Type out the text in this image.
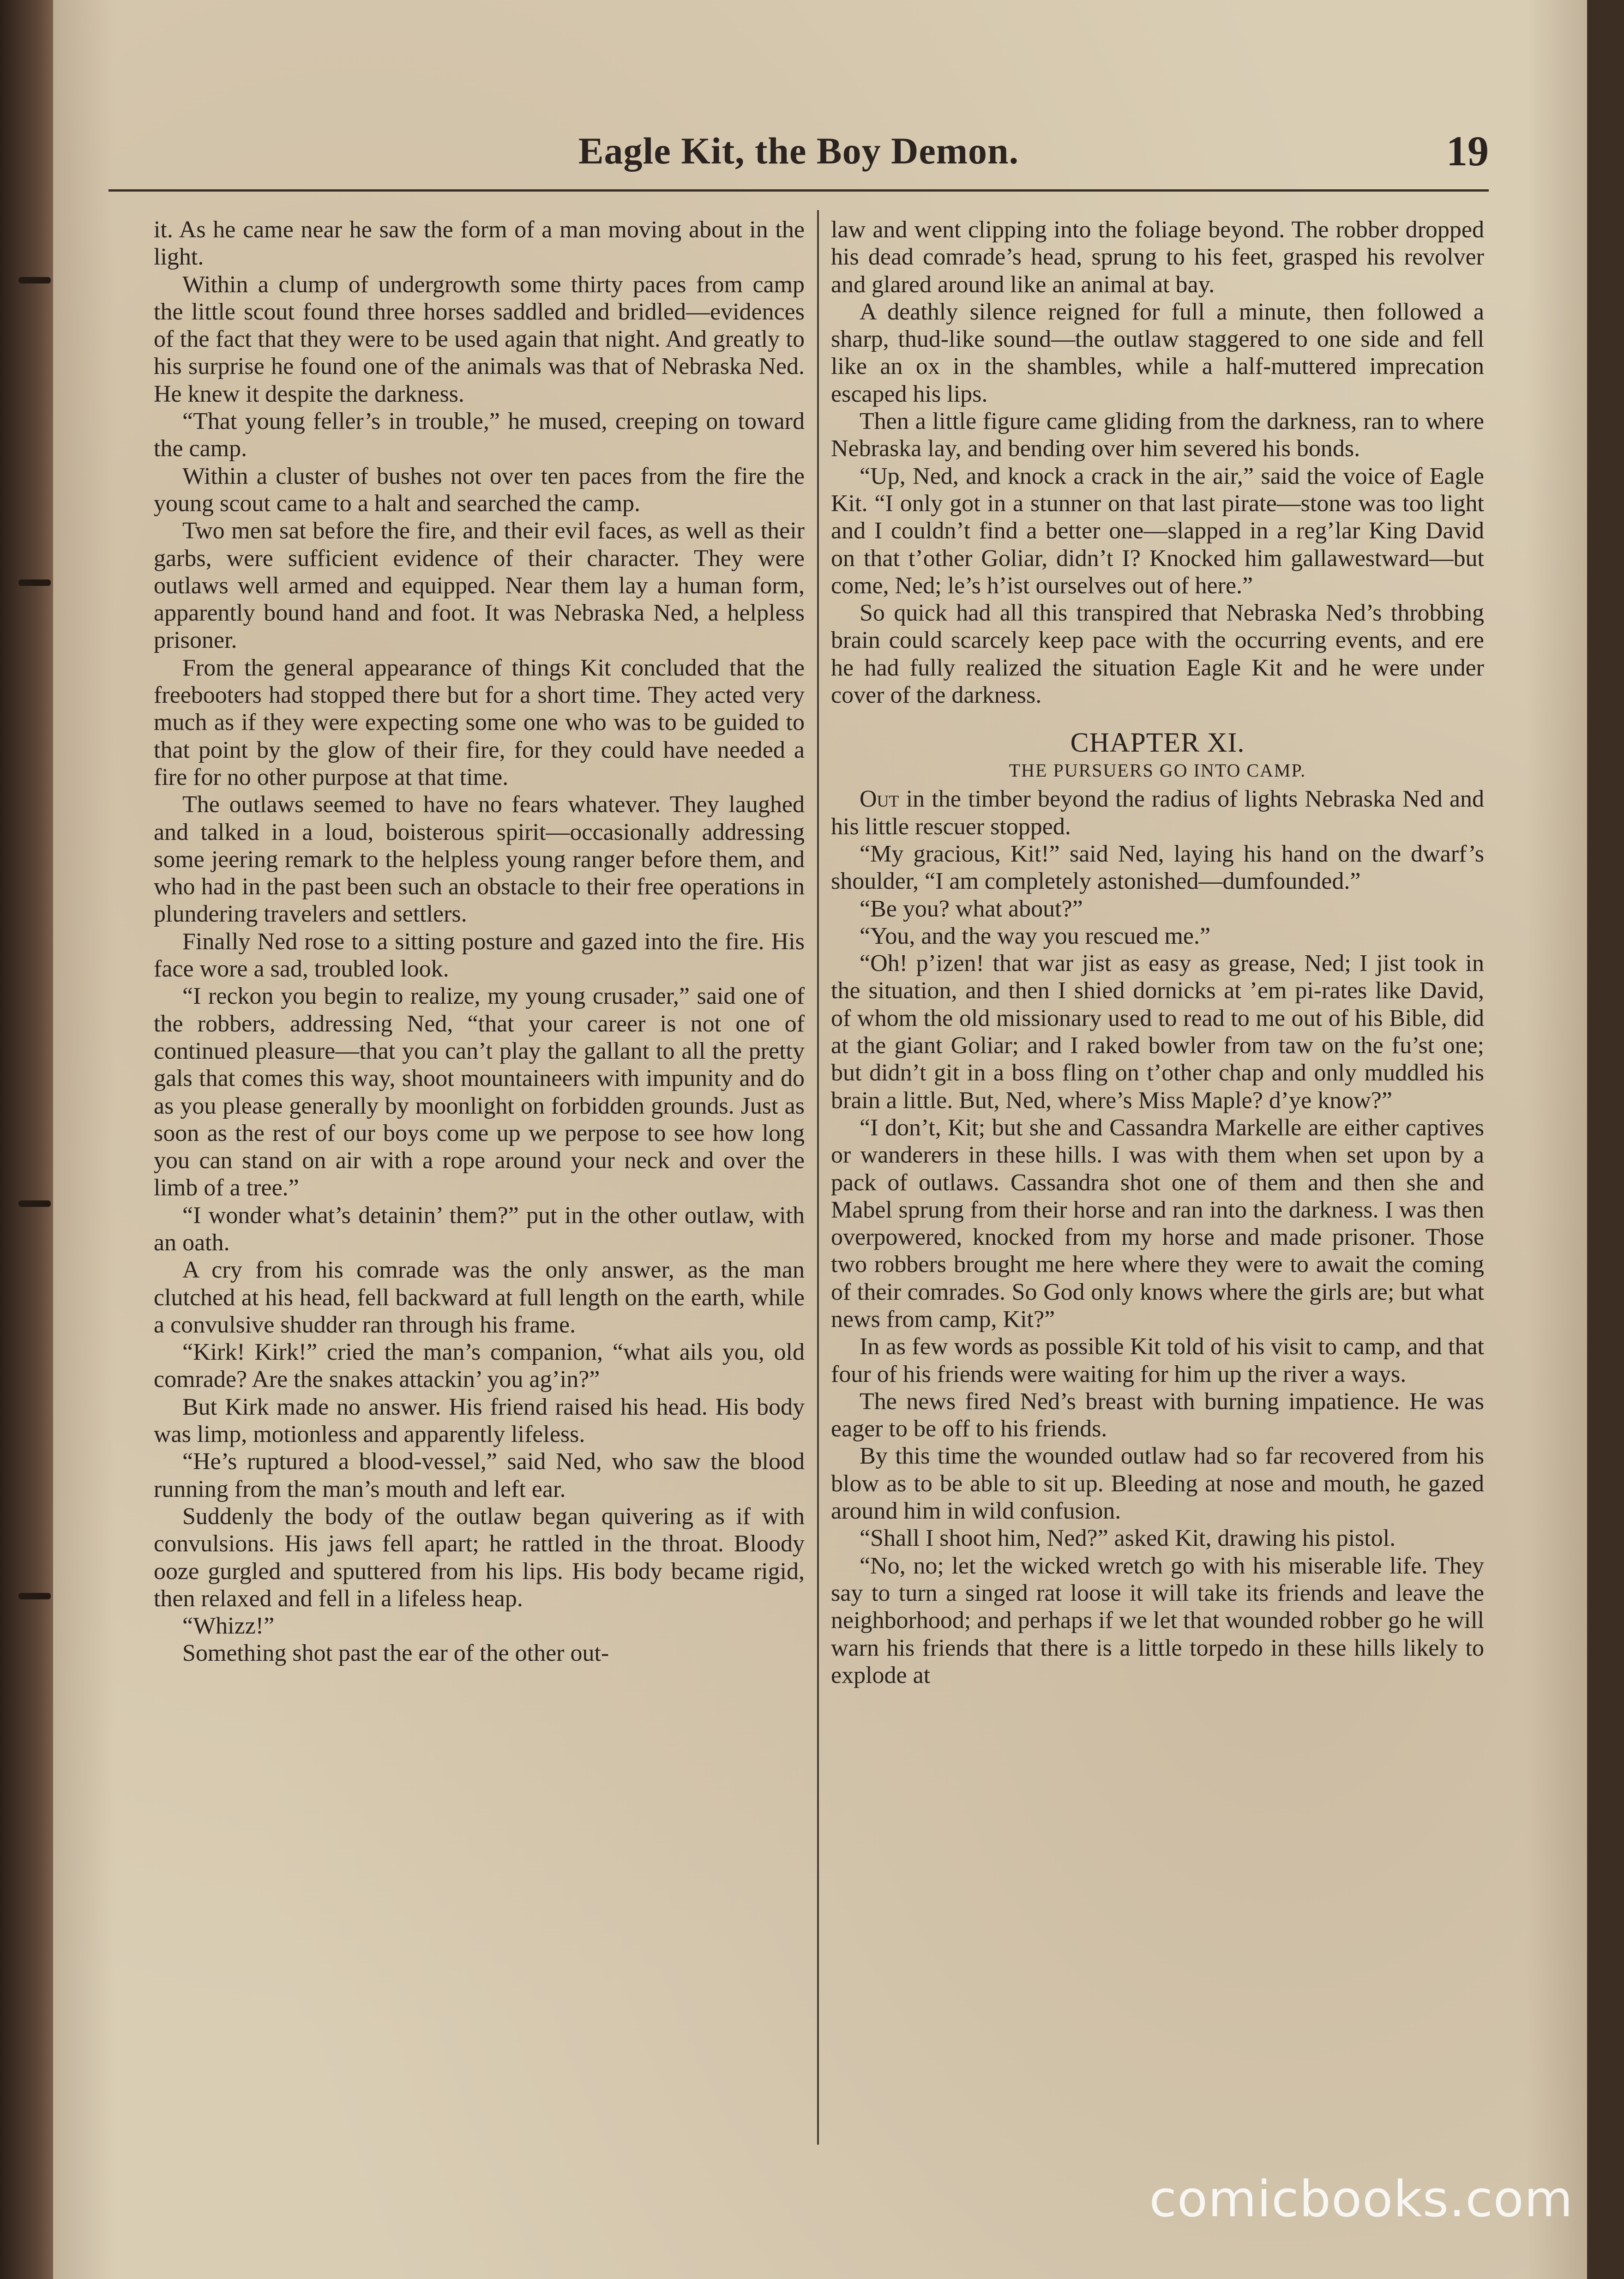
Eagle Kit, the Boy Demon.	19

it. As he came near he saw the form of a man moving about in the light.

Within a clump of undergrowth some thirty paces from camp the little scout found three horses saddled and bridled—evidences of the fact that they were to be used again that night. And greatly to his surprise he found one of the animals was that of Nebraska Ned. He knew it despite the darkness.

“That young feller’s in trouble,” he mused, creeping on toward the camp.

Within a cluster of bushes not over ten paces from the fire the young scout came to a halt and searched the camp.

Two men sat before the fire, and their evil faces, as well as their garbs, were sufficient evidence of their character. They were outlaws well armed and equipped. Near them lay a human form, apparently bound hand and foot. It was Nebraska Ned, a helpless prisoner.

From the general appearance of things Kit concluded that the freebooters had stopped there but for a short time. They acted very much as if they were expecting some one who was to be guided to that point by the glow of their fire, for they could have needed a fire for no other purpose at that time.

The outlaws seemed to have no fears whatever. They laughed and talked in a loud, boisterous spirit—occasionally addressing some jeering remark to the helpless young ranger before them, and who had in the past been such an obstacle to their free operations in plundering travelers and settlers.

Finally Ned rose to a sitting posture and gazed into the fire. His face wore a sad, troubled look.

“I reckon you begin to realize, my young crusader,” said one of the robbers, addressing Ned, “that your career is not one of continued pleasure—that you can’t play the gallant to all the pretty gals that comes this way, shoot mountaineers with impunity and do as you please generally by moonlight on forbidden grounds. Just as soon as the rest of our boys come up we perpose to see how long you can stand on air with a rope around your neck and over the limb of a tree.”

“I wonder what’s detainin’ them?” put in the other outlaw, with an oath.

A cry from his comrade was the only answer, as the man clutched at his head, fell backward at full length on the earth, while a convulsive shudder ran through his frame.

“Kirk! Kirk!” cried the man’s companion, “what ails you, old comrade? Are the snakes attackin’ you ag’in?”

But Kirk made no answer. His friend raised his head. His body was limp, motionless and apparently lifeless.

“He’s ruptured a blood-vessel,” said Ned, who saw the blood running from the man’s mouth and left ear.

Suddenly the body of the outlaw began quivering as if with convulsions. His jaws fell apart; he rattled in the throat. Bloody ooze gurgled and sputtered from his lips. His body became rigid, then relaxed and fell in a lifeless heap.

“Whizz!”

Something shot past the ear of the other out-

law and went clipping into the foliage beyond. The robber dropped his dead comrade’s head, sprung to his feet, grasped his revolver and glared around like an animal at bay.

A deathly silence reigned for full a minute, then followed a sharp, thud-like sound—the outlaw staggered to one side and fell like an ox in the shambles, while a half-muttered imprecation escaped his lips.

Then a little figure came gliding from the darkness, ran to where Nebraska lay, and bending over him severed his bonds.

“Up, Ned, and knock a crack in the air,” said the voice of Eagle Kit. “I only got in a stunner on that last pirate—stone was too light and I couldn’t find a better one—slapped in a reg’lar King David on that t’other Goliar, didn’t I? Knocked him gallawestward—but come, Ned; le’s h’ist ourselves out of here.”

So quick had all this transpired that Nebraska Ned’s throbbing brain could scarcely keep pace with the occurring events, and ere he had fully realized the situation Eagle Kit and he were under cover of the darkness.

CHAPTER XI.
THE PURSUERS GO INTO CAMP.

Out in the timber beyond the radius of lights Nebraska Ned and his little rescuer stopped.

“My gracious, Kit!” said Ned, laying his hand on the dwarf’s shoulder, “I am completely astonished—dumfounded.”

“Be you? what about?”

“You, and the way you rescued me.”

“Oh! p’izen! that war jist as easy as grease, Ned; I jist took in the situation, and then I shied dornicks at ’em pi-rates like David, of whom the old missionary used to read to me out of his Bible, did at the giant Goliar; and I raked bowler from taw on the fu’st one; but didn’t git in a boss fling on t’other chap and only muddled his brain a little. But, Ned, where’s Miss Maple? d’ye know?”

“I don’t, Kit; but she and Cassandra Markelle are either captives or wanderers in these hills. I was with them when set upon by a pack of outlaws. Cassandra shot one of them and then she and Mabel sprung from their horse and ran into the darkness. I was then overpowered, knocked from my horse and made prisoner. Those two robbers brought me here where they were to await the coming of their comrades. So God only knows where the girls are; but what news from camp, Kit?”

In as few words as possible Kit told of his visit to camp, and that four of his friends were waiting for him up the river a ways.

The news fired Ned’s breast with burning impatience. He was eager to be off to his friends.

By this time the wounded outlaw had so far recovered from his blow as to be able to sit up. Bleeding at nose and mouth, he gazed around him in wild confusion.

“Shall I shoot him, Ned?” asked Kit, drawing his pistol.

“No, no; let the wicked wretch go with his miserable life. They say to turn a singed rat loose it will take its friends and leave the neighborhood; and perhaps if we let that wounded robber go he will warn his friends that there is a little torpedo in these hills likely to explode at

comicbooks.com
